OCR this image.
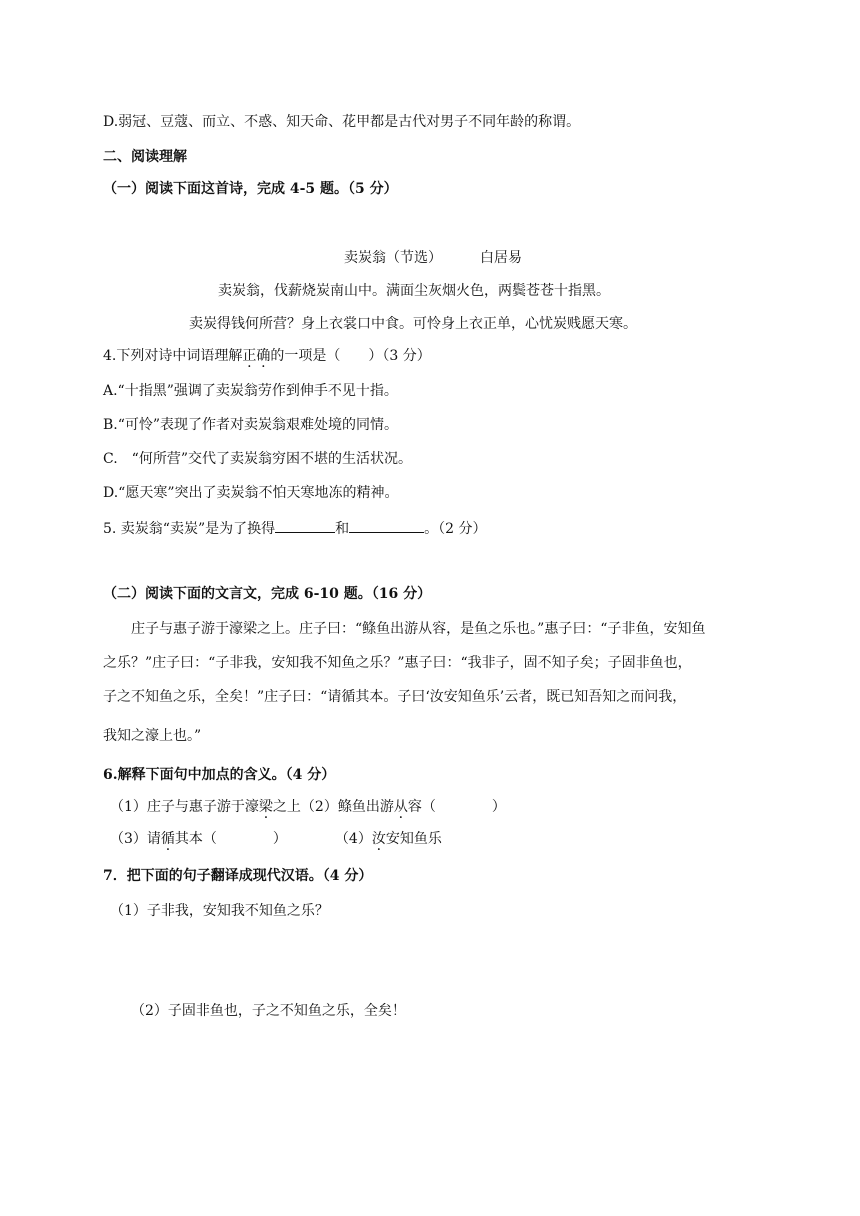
D.弱冠、豆蔻、而立、不惑、知天命、花甲都是古代对男子不同年龄的称谓。
二、阅读理解
（一）阅读下面这首诗，完成 4-5 题。（5 分）
卖炭翁（节选）	白居易
卖炭翁，伐薪烧炭南山中。满面尘灰烟火色，两鬓苍苍十指黑。
卖炭得钱何所营？身上衣裳口中食。可怜身上衣正单，心忧炭贱愿天寒。
4.下列对诗中词语理解正确的一项是（　　）（3 分）
A.“十指黑”强调了卖炭翁劳作到伸手不见十指。
B.“可怜”表现了作者对卖炭翁艰难处境的同情。
C.　“何所营”交代了卖炭翁穷困不堪的生活状况。
D.“愿天寒”突出了卖炭翁不怕天寒地冻的精神。
5. 卖炭翁“卖炭”是为了换得	和	。（2 分）
（二）阅读下面的文言文，完成 6-10 题。（16 分）
庄子与惠子游于濠梁之上。庄子曰：“鲦鱼出游从容，是鱼之乐也。”惠子曰：“子非鱼，安知鱼
之乐？”庄子曰：“子非我，安知我不知鱼之乐？”惠子曰：“我非子，固不知子矣；子固非鱼也，
子之不知鱼之乐，全矣！”庄子曰：“请循其本。子曰‘汝安知鱼乐’云者，既已知吾知之而问我，
我知之濠上也。”
6.解释下面句中加点的含义。（4 分）
（1）庄子与惠子游于濠梁之上（2）鲦鱼出游从容（	）
（3）请循其本（	）	（4）汝安知鱼乐
7．把下面的句子翻译成现代汉语。（4 分）
（1）子非我，安知我不知鱼之乐？
（2）子固非鱼也，子之不知鱼之乐，全矣！
